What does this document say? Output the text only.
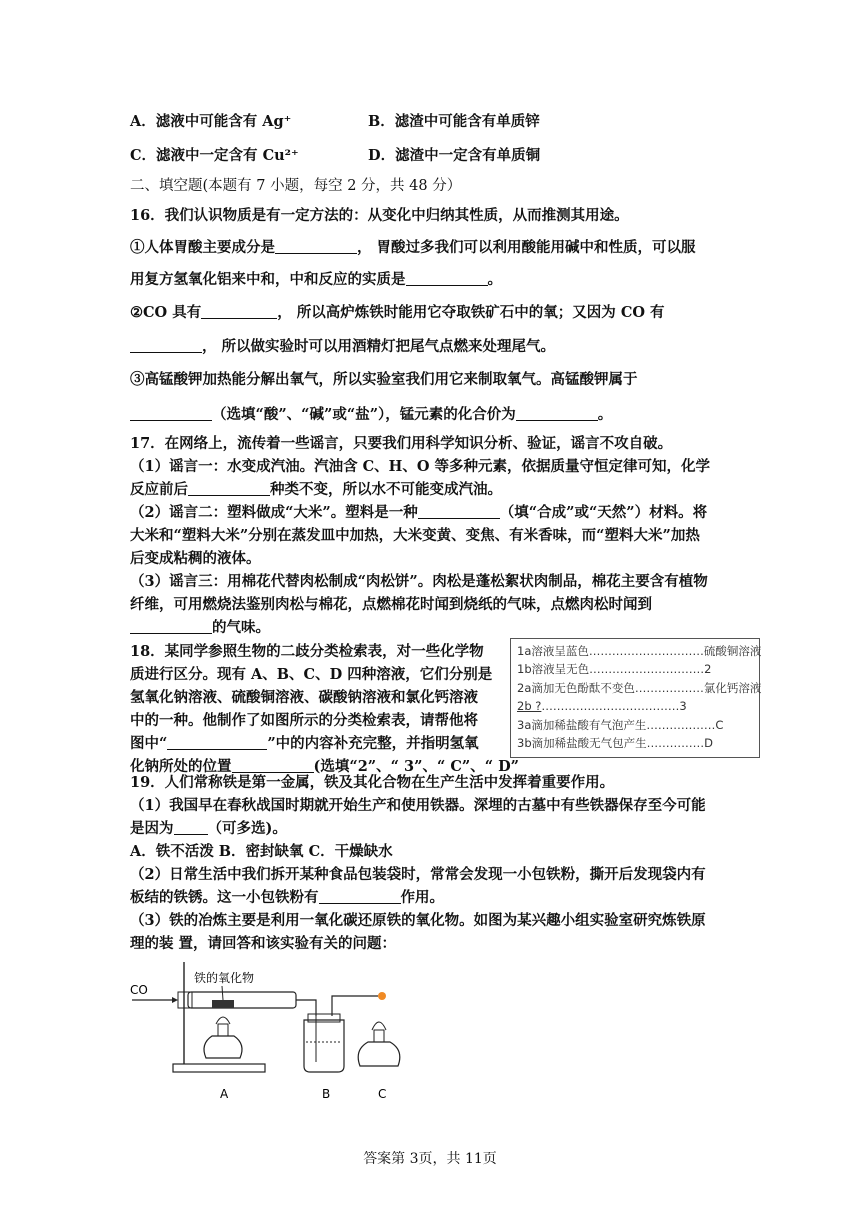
A．滤液中可能含有 Ag⁺	B．滤渣中可能含有单质锌
C．滤液中一定含有 Cu²⁺	D．滤渣中一定含有单质铜
二、填空题(本题有 7 小题，每空 2 分，共 48 分）
16．我们认识物质是有一定方法的：从变化中归纳其性质，从而推测其用途。
①人体胃酸主要成分是	， 胃酸过多我们可以利用酸能用碱中和性质，可以服
用复方氢氧化铝来中和，中和反应的实质是	。
②CO 具有	， 所以高炉炼铁时能用它夺取铁矿石中的氧；又因为 CO 有
， 所以做实验时可以用酒精灯把尾气点燃来处理尾气。
③高锰酸钾加热能分解出氧气，所以实验室我们用它来制取氧气。高锰酸钾属于
（选填“酸”、“碱”或“盐”），锰元素的化合价为	。
17．在网络上，流传着一些谣言，只要我们用科学知识分析、验证，谣言不攻自破。
（1）谣言一：水变成汽油。汽油含 C、H、O 等多种元素，依据质量守恒定律可知，化学
反应前后	种类不变，所以水不可能变成汽油。
（2）谣言二：塑料做成“大米”。塑料是一种	（填“合成”或“天然”）材料。将
大米和“塑料大米”分别在蒸发皿中加热，大米变黄、变焦、有米香味，而“塑料大米”加热
后变成粘稠的液体。
（3）谣言三：用棉花代替肉松制成“肉松饼”。肉松是蓬松絮状肉制品，棉花主要含有植物
纤维，可用燃烧法鉴别肉松与棉花，点燃棉花时闻到烧纸的气味，点燃肉松时闻到
的气味。
18．某同学参照生物的二歧分类检索表，对一些化学物
质进行区分。现有 A、B、C、D 四种溶液，它们分别是
氢氧化钠溶液、硫酸铜溶液、碳酸钠溶液和氯化钙溶液
中的一种。他制作了如图所示的分类检索表，请帮他将
图中“	”中的内容补充完整，并指明氢氧
化钠所处的位置	(选填“2”、“ 3”、“ C”、“ D”
1a溶液呈蓝色…………………………硫酸铜溶液
1b溶液呈无色…………………………2
2a滴加无色酚酞不变色………………氯化钙溶液
2b ?………………………………3
3a滴加稀盐酸有气泡产生………………C
3b滴加稀盐酸无气包产生……………D
19．人们常称铁是第一金属，铁及其化合物在生产生活中发挥着重要作用。
（1）我国早在春秋战国时期就开始生产和使用铁器。深埋的古墓中有些铁器保存至今可能
是因为 （可多选)。
A．铁不活泼 B．密封缺氧 C．干燥缺水
（2）日常生活中我们拆开某种食品包装袋时，常常会发现一小包铁粉，撕开后发现袋内有
板结的铁锈。这一小包铁粉有	作用。
（3）铁的冶炼主要是利用一氧化碳还原铁的氧化物。如图为某兴趣小组实验室研究炼铁原
理的装 置，请回答和该实验有关的问题：
CO
铁的氧化物
A	B	C
答案第 3页，共 11页
